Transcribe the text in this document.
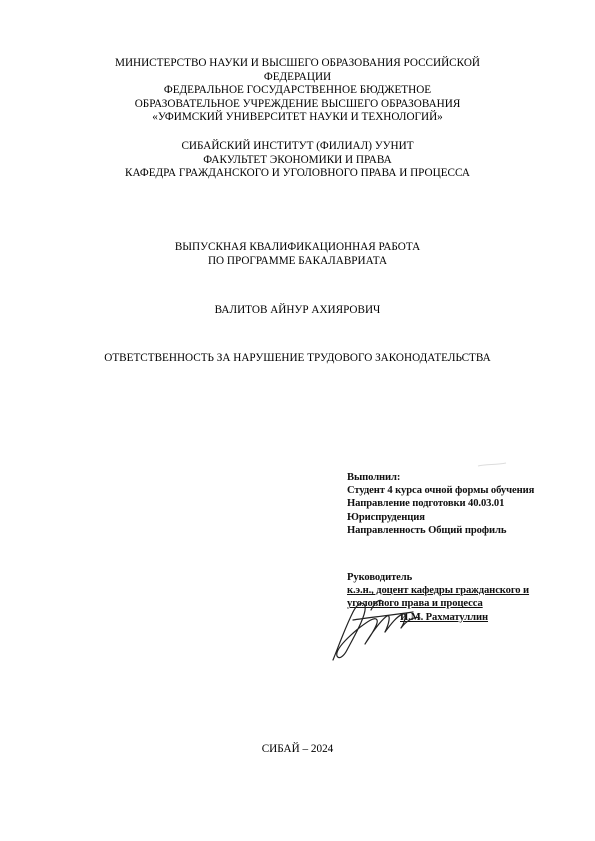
МИНИСТЕРСТВО НАУКИ И ВЫСШЕГО ОБРАЗОВАНИЯ РОССИЙСКОЙ
ФЕДЕРАЦИИ
ФЕДЕРАЛЬНОЕ ГОСУДАРСТВЕННОЕ БЮДЖЕТНОЕ
ОБРАЗОВАТЕЛЬНОЕ УЧРЕЖДЕНИЕ ВЫСШЕГО ОБРАЗОВАНИЯ
«УФИМСКИЙ УНИВЕРСИТЕТ НАУКИ И ТЕХНОЛОГИЙ»
СИБАЙСКИЙ ИНСТИТУТ (ФИЛИАЛ) УУНИТ
ФАКУЛЬТЕТ ЭКОНОМИКИ И ПРАВА
КАФЕДРА ГРАЖДАНСКОГО И УГОЛОВНОГО ПРАВА И ПРОЦЕССА
ВЫПУСКНАЯ КВАЛИФИКАЦИОННАЯ РАБОТА
ПО ПРОГРАММЕ БАКАЛАВРИАТА
ВАЛИТОВ АЙНУР АХИЯРОВИЧ
ОТВЕТСТВЕННОСТЬ ЗА НАРУШЕНИЕ ТРУДОВОГО ЗАКОНОДАТЕЛЬСТВА
Выполнил:
Студент 4 курса очной формы обучения
Направление подготовки 40.03.01
Юриспруденция
Направленность Общий профиль
Руководитель
к.э.н., доцент кафедры гражданского и
уголовного права и процесса
И.М. Рахматуллин
СИБАЙ – 2024
